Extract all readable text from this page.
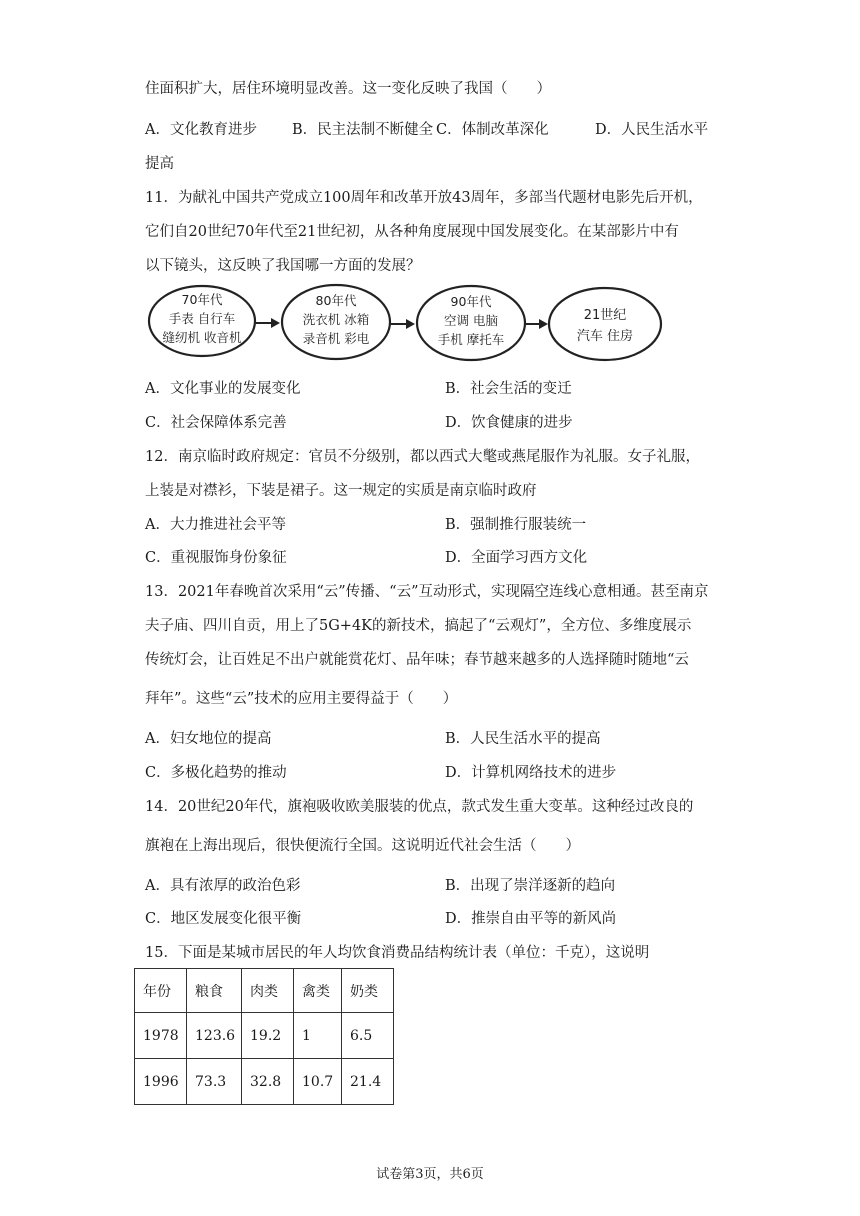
住面积扩大，居住环境明显改善。这一变化反映了我国（　　）
A．文化教育进步 B．民主法制不断健全 C．体制改革深化	D．人民生活水平
提高
11．为献礼中国共产党成立100周年和改革开放43周年，多部当代题材电影先后开机，
它们自20世纪70年代至21世纪初，从各种角度展现中国发展变化。在某部影片中有
以下镜头，这反映了我国哪一方面的发展？
70年代
手表 自行车
缝纫机 收音机
80年代
洗衣机 冰箱
录音机 彩电
90年代
空调 电脑
手机 摩托车
21世纪
汽车 住房
A．文化事业的发展变化	B．社会生活的变迁
C．社会保障体系完善	D．饮食健康的进步
12．南京临时政府规定：官员不分级别，都以西式大氅或燕尾服作为礼服。女子礼服，
上装是对襟衫，下装是裙子。这一规定的实质是南京临时政府
A．大力推进社会平等	B．强制推行服装统一
C．重视服饰身份象征	D．全面学习西方文化
13．2021年春晚首次采用“云”传播、“云”互动形式，实现隔空连线心意相通。甚至南京
夫子庙、四川自贡，用上了5G+4K的新技术，搞起了“云观灯”，全方位、多维度展示
传统灯会，让百姓足不出户就能赏花灯、品年味；春节越来越多的人选择随时随地“云
拜年”。这些“云”技术的应用主要得益于（　　）
A．妇女地位的提高	B．人民生活水平的提高
C．多极化趋势的推动	D．计算机网络技术的进步
14．20世纪20年代，旗袍吸收欧美服装的优点，款式发生重大变革。这种经过改良的
旗袍在上海出现后，很快便流行全国。这说明近代社会生活（　　）
A．具有浓厚的政治色彩	B．出现了崇洋逐新的趋向
C．地区发展变化很平衡	D．推崇自由平等的新风尚
15．下面是某城市居民的年人均饮食消费品结构统计表（单位：千克），这说明
年份	粮食	肉类	禽类	奶类
1978	123.6	19.2	1	6.5
1996	73.3	32.8	10.7	21.4
试卷第3页，共6页
